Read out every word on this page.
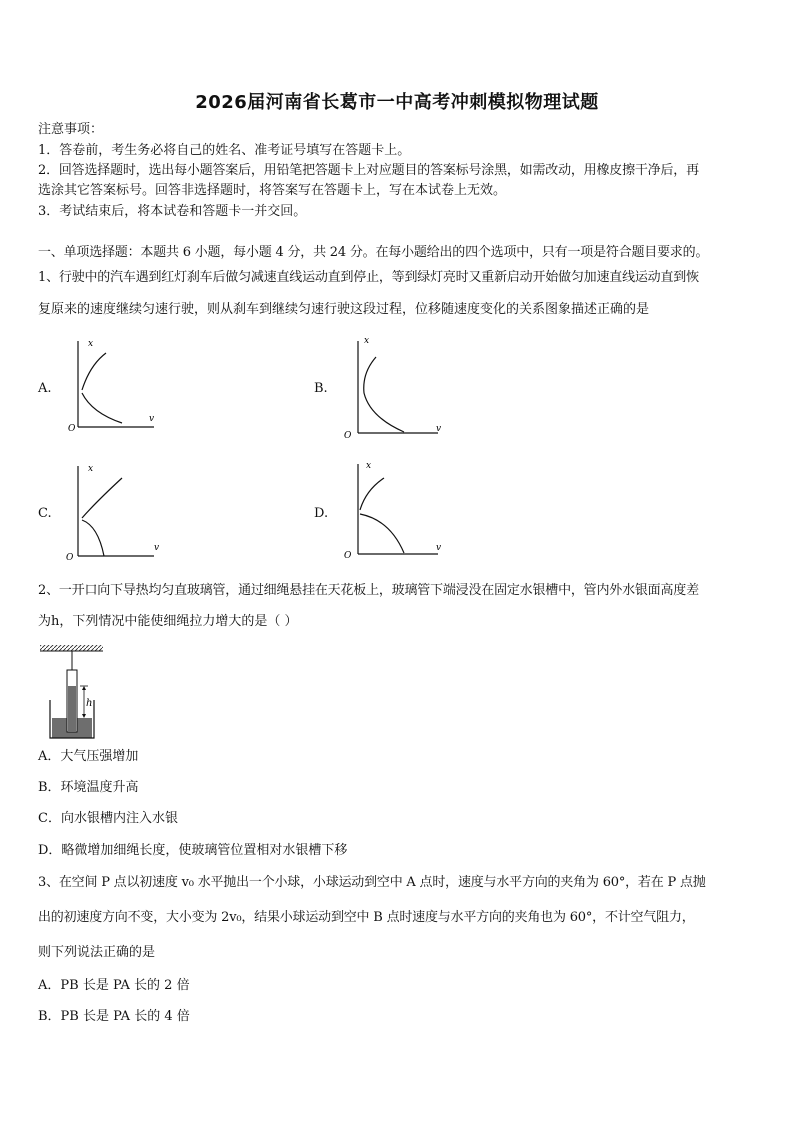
2026届河南省长葛市一中高考冲刺模拟物理试题
注意事项：
1．答卷前，考生务必将自己的姓名、准考证号填写在答题卡上。
2．回答选择题时，选出每小题答案后，用铅笔把答题卡上对应题目的答案标号涂黑，如需改动，用橡皮擦干净后，再
选涂其它答案标号。回答非选择题时，将答案写在答题卡上，写在本试卷上无效。
3．考试结束后，将本试卷和答题卡一并交回。
一、单项选择题：本题共 6 小题，每小题 4 分，共 24 分。在每小题给出的四个选项中，只有一项是符合题目要求的。
1、行驶中的汽车遇到红灯刹车后做匀减速直线运动直到停止，等到绿灯亮时又重新启动开始做匀加速直线运动直到恢
复原来的速度继续匀速行驶，则从刹车到继续匀速行驶这段过程，位移随速度变化的关系图象描述正确的是
A.	B.
C.	D.
x
v
O
x
v
O
x
v
O
x
v
O
2、一开口向下导热均匀直玻璃管，通过细绳悬挂在天花板上，玻璃管下端浸没在固定水银槽中，管内外水银面高度差
为h，下列情况中能使细绳拉力增大的是（ ）
h
A．大气压强增加
B．环境温度升高
C．向水银槽内注入水银
D．略微增加细绳长度，使玻璃管位置相对水银槽下移
3、在空间 P 点以初速度 v₀ 水平抛出一个小球，小球运动到空中 A 点时，速度与水平方向的夹角为 60°，若在 P 点抛
出的初速度方向不变，大小变为 2v₀，结果小球运动到空中 B 点时速度与水平方向的夹角也为 60°，不计空气阻力，
则下列说法正确的是
A．PB 长是 PA 长的 2 倍
B．PB 长是 PA 长的 4 倍
